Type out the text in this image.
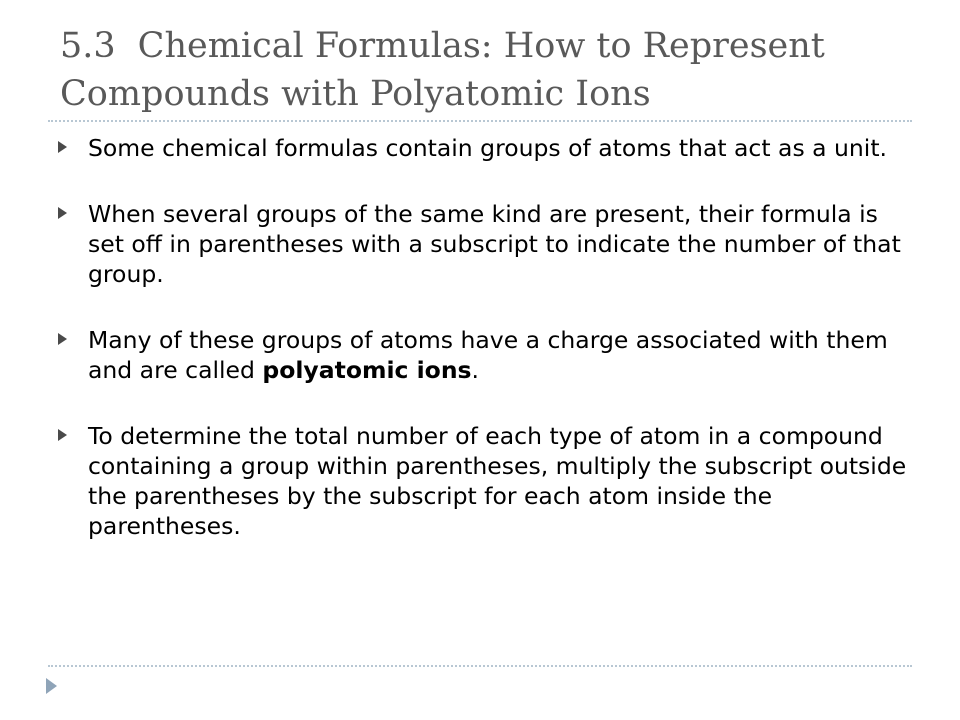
5.3 Chemical Formulas: How to Represent Compounds with Polyatomic Ions
Some chemical formulas contain groups of atoms that act as a unit.
When several groups of the same kind are present, their formula is set off in parentheses with a subscript to indicate the number of that group.
Many of these groups of atoms have a charge associated with them and are called polyatomic ions.
To determine the total number of each type of atom in a compound containing a group within parentheses, multiply the subscript outside the parentheses by the subscript for each atom inside the parentheses.
